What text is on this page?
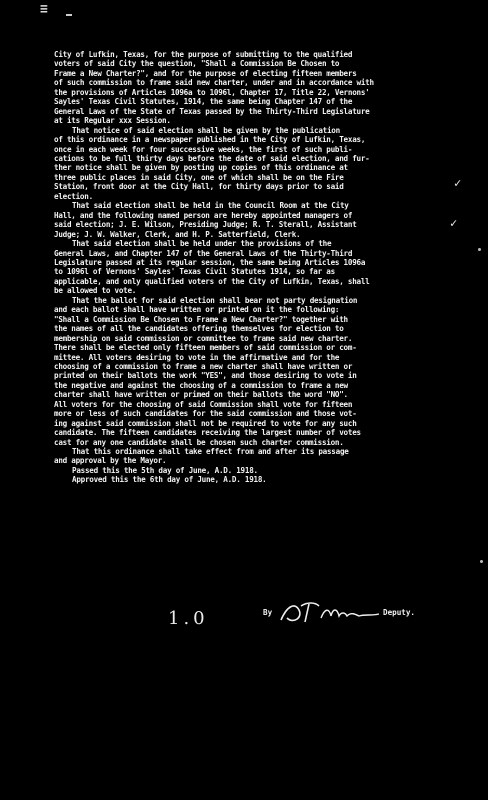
≡
City of Lufkin, Texas, for the purpose of submitting to the qualified
voters of said City the question, "Shall a Commission Be Chosen to
Frame a New Charter?", and for the purpose of electing fifteen members
of such commission to frame said new charter, under and in accordance with
the provisions of Articles 1096a to 1096l, Chapter 17, Title 22, Vernons'
Sayles' Texas Civil Statutes, 1914, the same being Chapter 147 of the
General Laws of the State of Texas passed by the Thirty-Third Legislature
at its Regular xxx Session.
That notice of said election shall be given by the publication
of this ordinance in a newspaper published in the City of Lufkin, Texas,
once in each week for four successive weeks, the first of such publi-
cations to be full thirty days before the date of said election, and fur-
ther notice shall be given by posting up copies of this ordinance at
three public places in said City, one of which shall be on the Fire
Station, front door at the City Hall, for thirty days prior to said
election.
That said election shall be held in the Council Room at the City
Hall, and the following named person are hereby appointed managers of
said election; J. E. Wilson, Presiding Judge; R. T. Sterall, Assistant
Judge; J. W. Walker, Clerk, and H. P. Satterfield, Clerk.
That said election shall be held under the provisions of the
General Laws, and Chapter 147 of the General Laws of the Thirty-Third
Legislature passed at its regular session, the same being Articles 1096a
to 1096l of Vernons' Sayles' Texas Civil Statutes 1914, so far as
applicable, and only qualified voters of the City of Lufkin, Texas, shall
be allowed to vote.
That the ballot for said election shall bear not party designation
and each ballot shall have written or printed on it the following:
"Shall a Commission Be Chosen to Frame a New Charter?" together with
the names of all the candidates offering themselves for election to
membership on said commission or committee to frame said new charter.
There shall be elected only fifteen members of said commission or com-
mittee. All voters desiring to vote in the affirmative and for the
choosing of a commission to frame a new charter shall have written or
printed on their ballots the work "YES", and those desiring to vote in
the negative and against the choosing of a commission to frame a new
charter shall have written or primed on their ballots the word "NO".
All voters for the choosing of said Commission shall vote for fifteen
more or less of such candidates for the said commission and those vot-
ing against said commission shall not be required to vote for any such
candidate. The fifteen candidates receiving the largest number of votes
cast for any one candidate shall be chosen such charter commission.
That this ordinance shall take effect from and after its passage
and approval by the Mayor.
Passed this the 5th day of June, A.D. 1918.
Approved this the 6th day of June, A.D. 1918.
✓
✓
1.0	By	Deputy.
